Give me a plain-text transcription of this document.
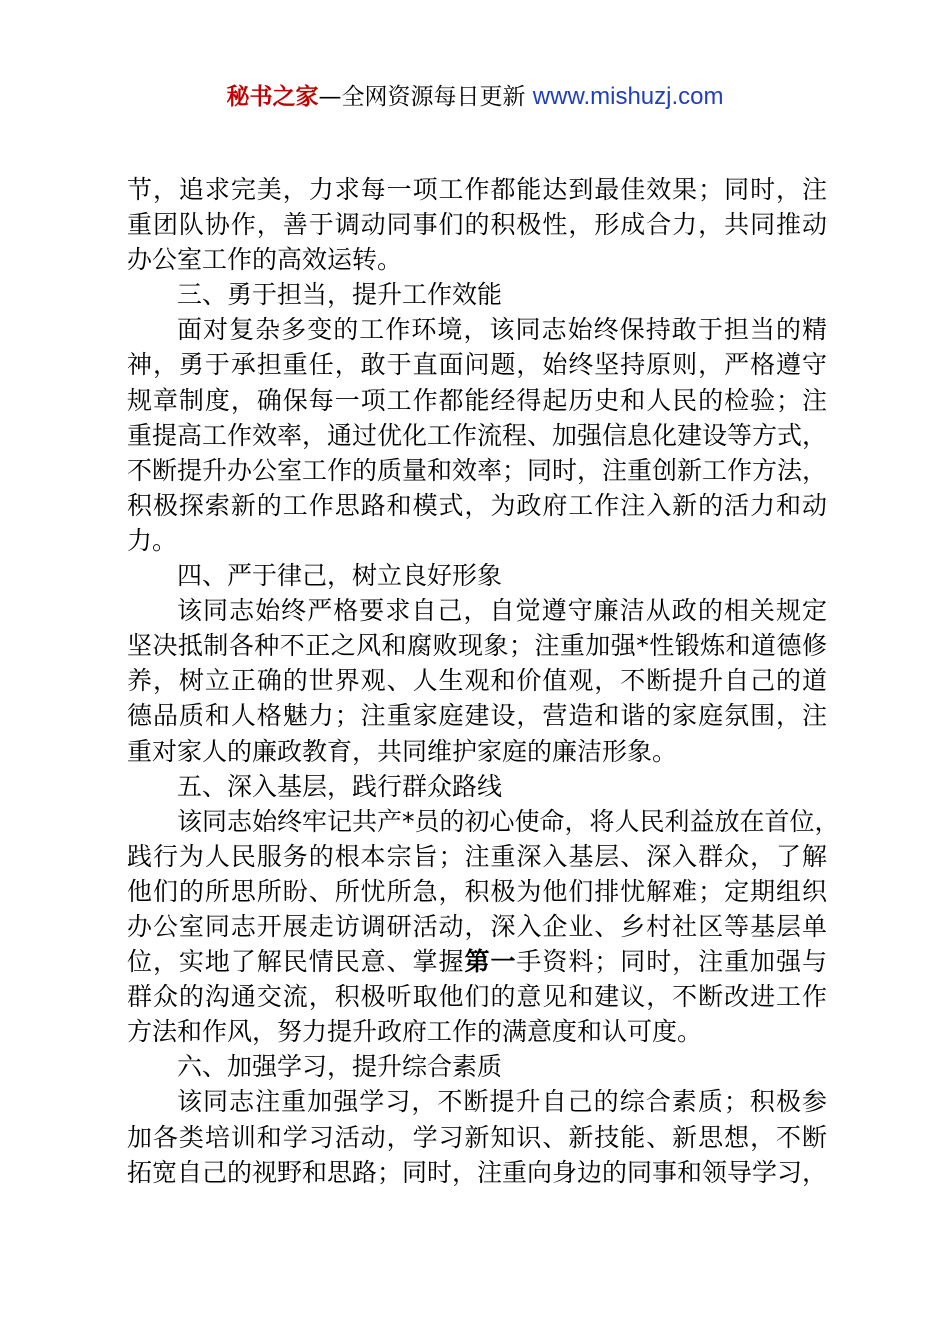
秘书之家—全网资源每日更新 www.mishuzj.com
节，追求完美，力求每一项工作都能达到最佳效果；同时，注
重团队协作，善于调动同事们的积极性，形成合力，共同推动
办公室工作的高效运转。
三、勇于担当，提升工作效能
面对复杂多变的工作环境，该同志始终保持敢于担当的精
神，勇于承担重任，敢于直面问题，始终坚持原则，严格遵守
规章制度，确保每一项工作都能经得起历史和人民的检验；注
重提高工作效率，通过优化工作流程、加强信息化建设等方式，
不断提升办公室工作的质量和效率；同时，注重创新工作方法，
积极探索新的工作思路和模式，为政府工作注入新的活力和动
力。
四、严于律己，树立良好形象
该同志始终严格要求自己，自觉遵守廉洁从政的相关规定
坚决抵制各种不正之风和腐败现象；注重加强*性锻炼和道德修
养，树立正确的世界观、人生观和价值观，不断提升自己的道
德品质和人格魅力；注重家庭建设，营造和谐的家庭氛围，注
重对家人的廉政教育，共同维护家庭的廉洁形象。
五、深入基层，践行群众路线
该同志始终牢记共产*员的初心使命，将人民利益放在首位，
践行为人民服务的根本宗旨；注重深入基层、深入群众，了解
他们的所思所盼、所忧所急，积极为他们排忧解难；定期组织
办公室同志开展走访调研活动，深入企业、乡村社区等基层单
位，实地了解民情民意、掌握第一手资料；同时，注重加强与
群众的沟通交流，积极听取他们的意见和建议，不断改进工作
方法和作风，努力提升政府工作的满意度和认可度。
六、加强学习，提升综合素质
该同志注重加强学习，不断提升自己的综合素质；积极参
加各类培训和学习活动，学习新知识、新技能、新思想，不断
拓宽自己的视野和思路；同时，注重向身边的同事和领导学习，
